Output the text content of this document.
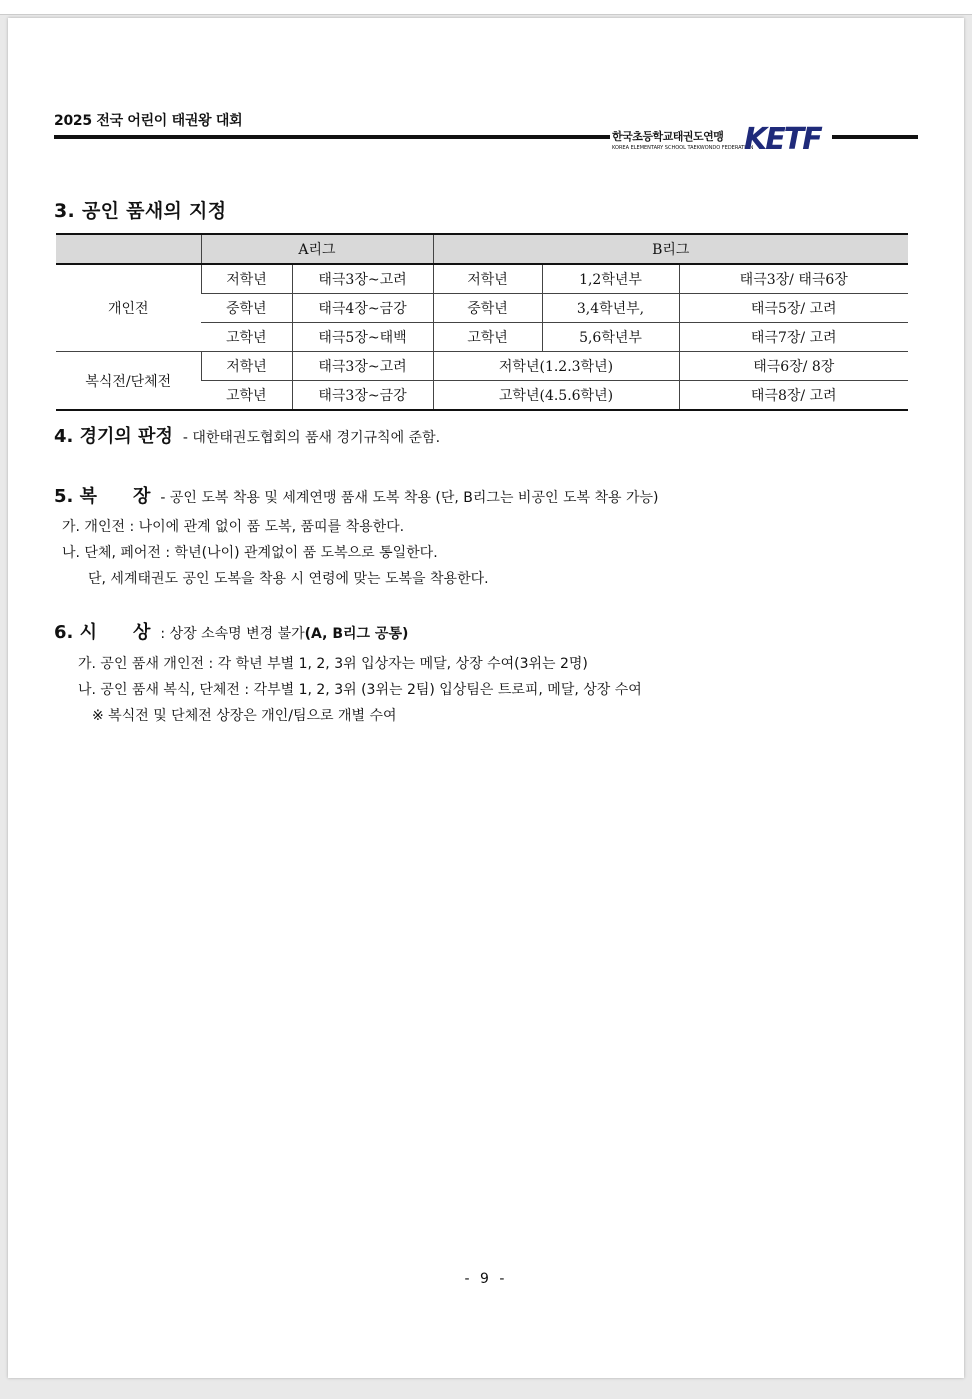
2025 전국 어린이 태권왕 대회
한국초등학교태권도연맹
KOREA ELEMENTARY SCHOOL TAEKWONDO FEDERATION
KETF
3. 공인 품새의 지정
	A리그		B리그		
개인전	저학년	태극3장~고려	저학년	1,2학년부	태극3장/ 태극6장
	중학년	태극4장~금강	중학년	3,4학년부,	태극5장/ 고려
	고학년	태극5장~태백	고학년	5,6학년부	태극7장/ 고려
복식전/단체전	저학년	태극3장~고려	저학년(1.2.3학년)		태극6장/ 8장
	고학년	태극3장~금강	고학년(4.5.6학년)		태극8장/ 고려
4. 경기의 판정 - 대한태권도협회의 품새 경기규칙에 준함.
5. 복　　장 - 공인 도복 착용 및 세계연맹 품새 도복 착용 (단, B리그는 비공인 도복 착용 가능)
가. 개인전 : 나이에 관계 없이 품 도복, 품띠를 착용한다.
나. 단체, 페어전 : 학년(나이) 관계없이 품 도복으로 통일한다.
단, 세계태권도 공인 도복을 착용 시 연령에 맞는 도복을 착용한다.
6. 시　　상 : 상장 소속명 변경 불가(A, B리그 공통)
가. 공인 품새 개인전 : 각 학년 부별 1, 2, 3위 입상자는 메달, 상장 수여(3위는 2명)
나. 공인 품새 복식, 단체전 : 각부별 1, 2, 3위 (3위는 2팀) 입상팀은 트로피, 메달, 상장 수여
※ 복식전 및 단체전 상장은 개인/팀으로 개별 수여
- 9 -
